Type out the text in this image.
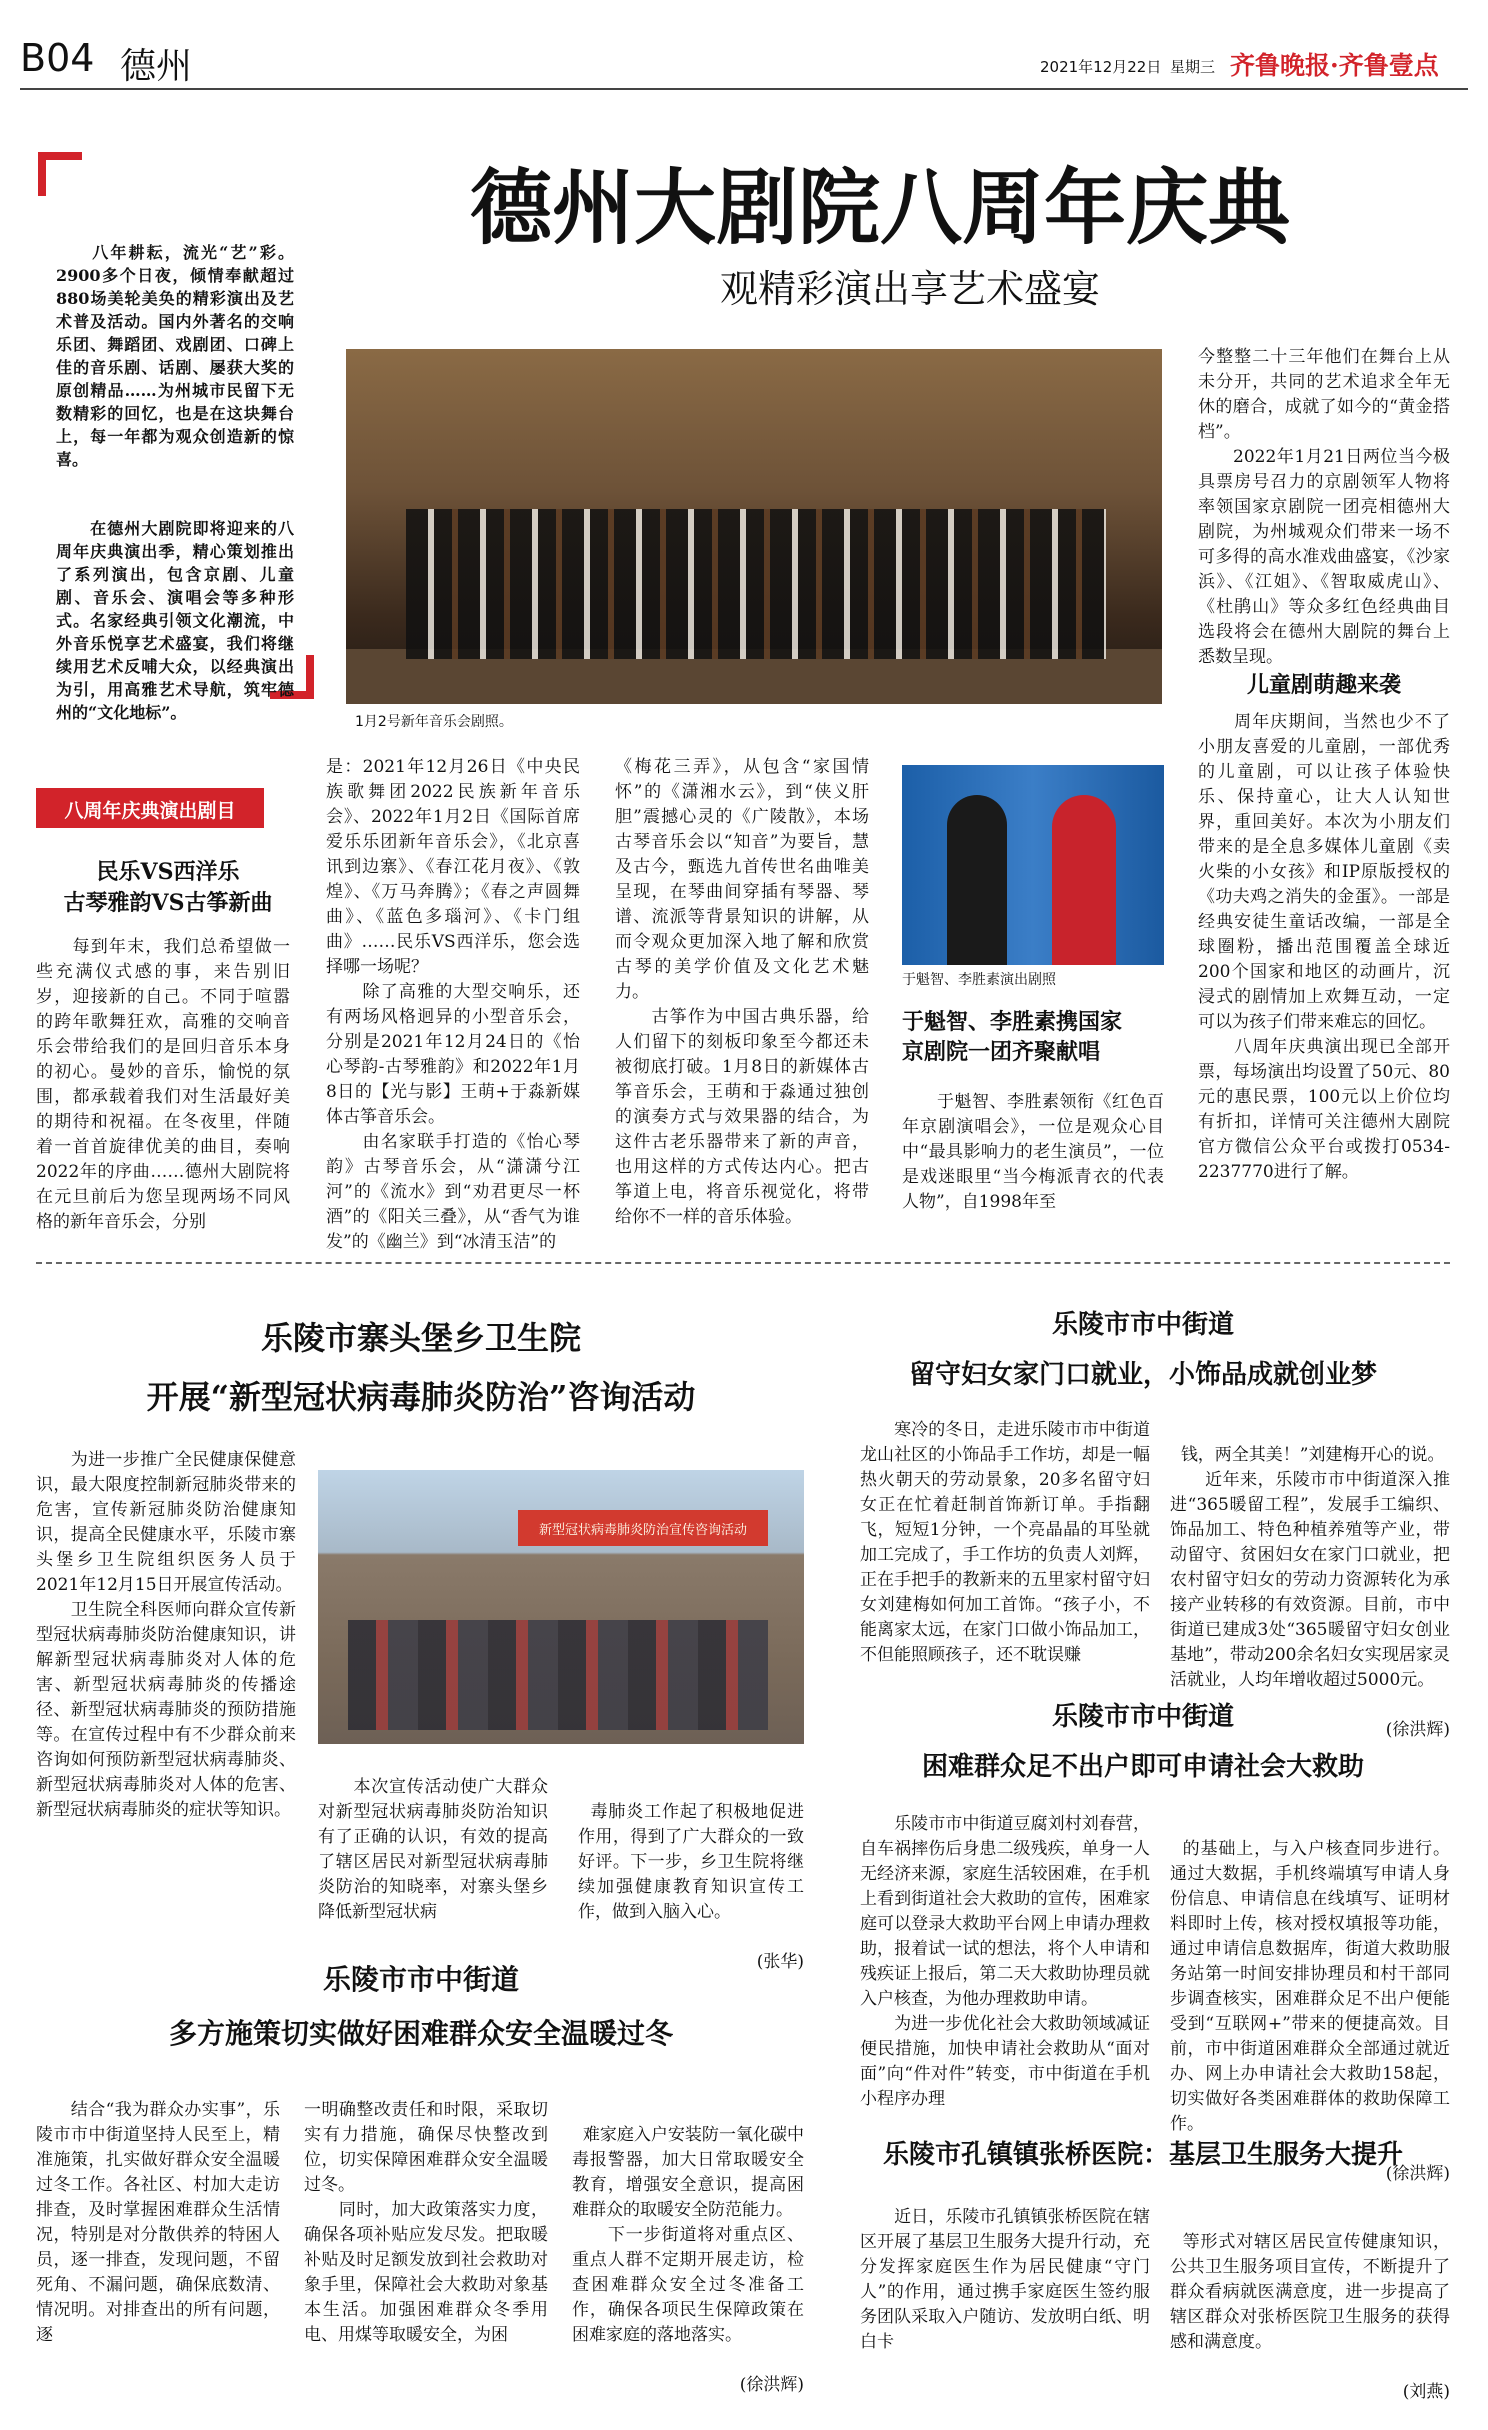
B04 德州	2021年12月22日 星期三 齐鲁晚报·齐鲁壹点

　　八年耕耘，流光“艺”彩。2900多个日夜，倾情奉献超过880场美轮美奂的精彩演出及艺术普及活动。国内外著名的交响乐团、舞蹈团、戏剧团、口碑上佳的音乐剧、话剧、屡获大奖的原创精品……为州城市民留下无数精彩的回忆，也是在这块舞台上，每一年都为观众创造新的惊喜。

　　在德州大剧院即将迎来的八周年庆典演出季，精心策划推出了系列演出，包含京剧、儿童剧、音乐会、演唱会等多种形式。名家经典引领文化潮流，中外音乐悦享艺术盛宴，我们将继续用艺术反哺大众，以经典演出为引，用高雅艺术导航，筑牢德州的“文化地标”。

德州大剧院八周年庆典
观精彩演出享艺术盛宴
1月2号新年音乐会剧照。
今整整二十三年他们在舞台上从未分开，共同的艺术追求全年无休的磨合，成就了如今的“黄金搭档”。
　　2022年1月21日两位当今极具票房号召力的京剧领军人物将率领国家京剧院一团亮相德州大剧院，为州城观众们带来一场不可多得的高水准戏曲盛宴，《沙家浜》、《江姐》、《智取威虎山》、《杜鹃山》等众多红色经典曲目选段将会在德州大剧院的舞台上悉数呈现。
儿童剧萌趣来袭
　　周年庆期间，当然也少不了小朋友喜爱的儿童剧，一部优秀的儿童剧，可以让孩子体验快乐、保持童心，让大人认知世界，重回美好。本次为小朋友们带来的是全息多媒体儿童剧《卖火柴的小女孩》和IP原版授权的《功夫鸡之消失的金蛋》。一部是经典安徒生童话改编，一部是全球圈粉，播出范围覆盖全球近200个国家和地区的动画片，沉浸式的剧情加上欢舞互动，一定可以为孩子们带来难忘的回忆。
　　八周年庆典演出现已全部开票，每场演出均设置了50元、80元的惠民票，100元以上价位均有折扣，详情可关注德州大剧院官方微信公众平台或拨打0534-2237770进行了解。
八周年庆典演出剧目
民乐VS西洋乐
古琴雅韵VS古筝新曲
　　每到年末，我们总希望做一些充满仪式感的事，来告别旧岁，迎接新的自己。不同于喧嚣的跨年歌舞狂欢，高雅的交响音乐会带给我们的是回归音乐本身的初心。曼妙的音乐，愉悦的氛围，都承载着我们对生活最好美的期待和祝福。在冬夜里，伴随着一首首旋律优美的曲目，奏响2022年的序曲……德州大剧院将在元旦前后为您呈现两场不同风格的新年音乐会，分别
是：2021年12月26日《中央民族歌舞团2022民族新年音乐会》、2022年1月2日《国际首席爱乐乐团新年音乐会》，《北京喜讯到边寨》、《春江花月夜》、《敦煌》、《万马奔腾》；《春之声圆舞曲》、《蓝色多瑙河》、《卡门组曲》……民乐VS西洋乐，您会选择哪一场呢？
　　除了高雅的大型交响乐，还有两场风格迥异的小型音乐会，分别是2021年12月24日的《怡心琴韵-古琴雅韵》和2022年1月8日的【光与影】王萌+于淼新媒体古筝音乐会。
　　由名家联手打造的《怡心琴韵》古琴音乐会，从“潇潇兮江河”的《流水》到“劝君更尽一杯酒”的《阳关三叠》，从“香气为谁发”的《幽兰》到“冰清玉洁”的
《梅花三弄》，从包含“家国情怀”的《潇湘水云》，到“侠义肝胆”震撼心灵的《广陵散》，本场古琴音乐会以“知音”为要旨，慧及古今，甄选九首传世名曲唯美呈现，在琴曲间穿插有琴器、琴谱、流派等背景知识的讲解，从而令观众更加深入地了解和欣赏古琴的美学价值及文化艺术魅力。
　　古筝作为中国古典乐器，给人们留下的刻板印象至今都还未被彻底打破。1月8日的新媒体古筝音乐会，王萌和于淼通过独创的演奏方式与效果器的结合，为这件古老乐器带来了新的声音，也用这样的方式传达内心。把古筝道上电，将音乐视觉化，将带给你不一样的音乐体验。
于魁智、李胜素演出剧照
于魁智、李胜素携国家
京剧院一团齐聚献唱
　　于魁智、李胜素领衔《红色百年京剧演唱会》，一位是观众心目中“最具影响力的老生演员”，一位是戏迷眼里“当今梅派青衣的代表人物”，自1998年至
乐陵市寨头堡乡卫生院
开展“新型冠状病毒肺炎防治”咨询活动
　　为进一步推广全民健康保健意识，最大限度控制新冠肺炎带来的危害，宣传新冠肺炎防治健康知识，提高全民健康水平，乐陵市寨头堡乡卫生院组织医务人员于2021年12月15日开展宣传活动。
　　卫生院全科医师向群众宣传新型冠状病毒肺炎防治健康知识，讲解新型冠状病毒肺炎对人体的危害、新型冠状病毒肺炎的传播途径、新型冠状病毒肺炎的预防措施等。在宣传过程中有不少群众前来咨询如何预防新型冠状病毒肺炎、新型冠状病毒肺炎对人体的危害、新型冠状病毒肺炎的症状等知识。
新型冠状病毒肺炎防治宣传咨询活动
　　本次宣传活动使广大群众对新型冠状病毒肺炎防治知识有了正确的认识，有效的提高了辖区居民对新型冠状病毒肺炎防治的知晓率，对寨头堡乡降低新型冠状病

毒肺炎工作起了积极地促进作用，得到了广大群众的一致好评。下一步，乡卫生院将继续加强健康教育知识宣传工作，做到入脑入心。

(张华)

乐陵市市中街道
多方施策切实做好困难群众安全温暖过冬
　　结合“我为群众办实事”，乐陵市市中街道坚持人民至上，精准施策，扎实做好群众安全温暖过冬工作。各社区、村加大走访排查，及时掌握困难群众生活情况，特别是对分散供养的特困人员，逐一排查，发现问题，不留死角、不漏问题，确保底数清、情况明。对排查出的所有问题，逐
一明确整改责任和时限，采取切实有力措施，确保尽快整改到位，切实保障困难群众安全温暖过冬。
　　同时，加大政策落实力度，确保各项补贴应发尽发。把取暖补贴及时足额发放到社会救助对象手里，保障社会大救助对象基本生活。加强困难群众冬季用电、用煤等取暖安全，为困

难家庭入户安装防一氧化碳中毒报警器，加大日常取暖安全教育，增强安全意识，提高困难群众的取暖安全防范能力。
　　下一步街道将对重点区、重点人群不定期开展走访，检查困难群众安全过冬准备工作，确保各项民生保障政策在困难家庭的落地落实。

(徐洪辉)

乐陵市市中街道
留守妇女家门口就业，小饰品成就创业梦
　　寒冷的冬日，走进乐陵市市中街道龙山社区的小饰品手工作坊，却是一幅热火朝天的劳动景象，20多名留守妇女正在忙着赶制首饰新订单。手指翻飞，短短1分钟，一个亮晶晶的耳坠就加工完成了，手工作坊的负责人刘辉，正在手把手的教新来的五里家村留守妇女刘建梅如何加工首饰。“孩子小，不能离家太远，在家门口做小饰品加工，不但能照顾孩子，还不耽误赚

钱，两全其美！”刘建梅开心的说。
　　近年来，乐陵市市中街道深入推进“365暖留工程”，发展手工编织、饰品加工、特色种植养殖等产业，带动留守、贫困妇女在家门口就业，把农村留守妇女的劳动力资源转化为承接产业转移的有效资源。目前，市中街道已建成3处“365暖留守妇女创业基地”，带动200余名妇女实现居家灵活就业，人均年增收超过5000元。

(徐洪辉)

乐陵市市中街道
困难群众足不出户即可申请社会大救助
　　乐陵市市中街道豆腐刘村刘春营，自车祸摔伤后身患二级残疾，单身一人无经济来源，家庭生活较困难，在手机上看到街道社会大救助的宣传，困难家庭可以登录大救助平台网上申请办理救助，报着试一试的想法，将个人申请和残疾证上报后，第二天大救助协理员就入户核查，为他办理救助申请。
　　为进一步优化社会大救助领域减证便民措施，加快申请社会救助从“面对面”向“件对件”转变，市中街道在手机小程序办理

的基础上，与入户核查同步进行。通过大数据，手机终端填写申请人身份信息、申请信息在线填写、证明材料即时上传，核对授权填报等功能，通过申请信息数据库，街道大救助服务站第一时间安排协理员和村干部同步调查核实，困难群众足不出户便能受到“互联网+”带来的便捷高效。目前，市中街道困难群众全部通过就近办、网上办申请社会大救助158起，切实做好各类困难群体的救助保障工作。

(徐洪辉)

乐陵市孔镇镇张桥医院：基层卫生服务大提升
　　近日，乐陵市孔镇镇张桥医院在辖区开展了基层卫生服务大提升行动，充分发挥家庭医生作为居民健康“守门人”的作用，通过携手家庭医生签约服务团队采取入户随访、发放明白纸、明白卡

等形式对辖区居民宣传健康知识，公共卫生服务项目宣传，不断提升了群众看病就医满意度，进一步提高了辖区群众对张桥医院卫生服务的获得感和满意度。

(刘燕)
